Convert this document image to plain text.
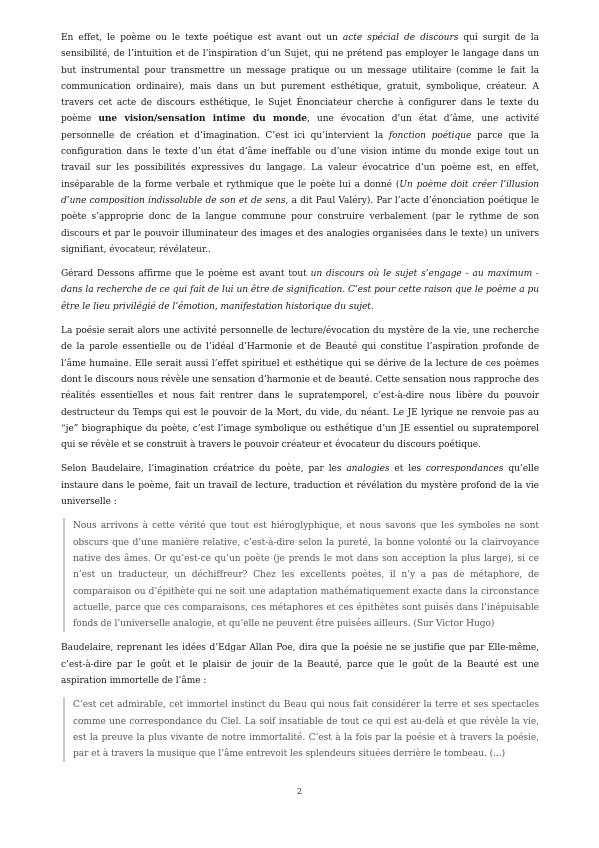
En effet, le poème ou le texte poétique est avant out un acte spécial de discours qui surgit de la sensibilité, de l’intuition et de l’inspiration d’un Sujet, qui ne prétend pas employer le langage dans un but instrumental pour transmettre un message pratique ou un message utilitaire (comme le fait la communication ordinaire), mais dans un but purement esthétique, gratuit, symbolique, créateur. A travers cet acte de discours esthétique, le Sujet Énonciateur cherche à configurer dans le texte du poème une vision/sensation intime du monde, une évocation d’un état d’âme, une activité personnelle de création et d’imagination. C’est ici qu’intervient la fonction poétique parce que la configuration dans le texte d’un état d’âme ineffable ou d’une vision intime du monde exige tout un travail sur les possibilités expressives du langage. La valeur évocatrice d’un poème est, en effet, inséparable de la forme verbale et rythmique que le poète lui a donné (Un poème doit créer l’illusion d’une composition indissoluble de son et de sens, a dit Paul Valéry). Par l’acte d’énonciation poétique le poète s’approprie donc de la langue commune pour construire verbalement (par le rythme de son discours et par le pouvoir illuminateur des images et des analogies organisées dans le texte) un univers signifiant, évocateur, révélateur..

Gérard Dessons affirme que le poème est avant tout un discours où le sujet s’engage - au maximum - dans la recherche de ce qui fait de lui un être de signification. C’est pour cette raison que le poème a pu être le lieu privilégié de l’émotion, manifestation historique du sujet.

La poésie serait alors une activité personnelle de lecture/évocation du mystère de la vie, une recherche de la parole essentielle ou de l’idéal d’Harmonie et de Beauté qui constitue l’aspiration profonde de l’âme humaine. Elle serait aussi l’effet spirituel et esthétique qui se dérive de la lecture de ces poèmes dont le discours nous révèle une sensation d’harmonie et de beauté. Cette sensation nous rapproche des réalités essentielles et nous fait rentrer dans le supratemporel, c’est-à-dire nous libère du pouvoir destructeur du Temps qui est le pouvoir de la Mort, du vide, du néant. Le JE lyrique ne renvoie pas au “je” biographique du poète, c’est l’image symbolique ou esthétique d’un JE essentiel ou supratemporel qui se révèle et se construit à travers le pouvoir créateur et évocateur du discours poétique.

Selon Baudelaire, l’imagination créatrice du poète, par les analogies et les correspondances qu’elle instaure dans le poème, fait un travail de lecture, traduction et révélation du mystère profond de la vie universelle :

Nous arrivons à cette vérité que tout est hiéroglyphique, et nous savons que les symboles ne sont obscurs que d’une manière relative, c’est-à-dire selon la pureté, la bonne volonté ou la clairvoyance native des âmes. Or qu’est-ce qu’un poète (je prends le mot dans son acception la plus large), si ce n’est un traducteur, un déchiffreur? Chez les excellents poètes, il n’y a pas de métaphore, de comparaison ou d’épithète qui ne soit une adaptation mathématiquement exacte dans la circonstance actuelle, parce que ces comparaisons, ces métaphores et ces épithètes sont puisés dans l’inépuisable fonds de l’universelle analogie, et qu’elle ne peuvent être puisées ailleurs. (Sur Victor Hugo)

Baudelaire, reprenant les idées d’Edgar Allan Poe, dira que la poésie ne se justifie que par Elle-même, c’est-à-dire par le goût et le plaisir de jouir de la Beauté, parce que le goût de la Beauté est une aspiration immortelle de l’âme :

C’est cet admirable, cet immortel instinct du Beau qui nous fait considérer la terre et ses spectacles comme une correspondance du Ciel. La soif insatiable de tout ce qui est au-delà et que révèle la vie, est la preuve la plus vivante de notre immortalité. C’est à la fois par la poésie et à travers la poésie, par et à travers la musique que l’âme entrevoit les splendeurs situées derrière le tombeau. (...)

2
